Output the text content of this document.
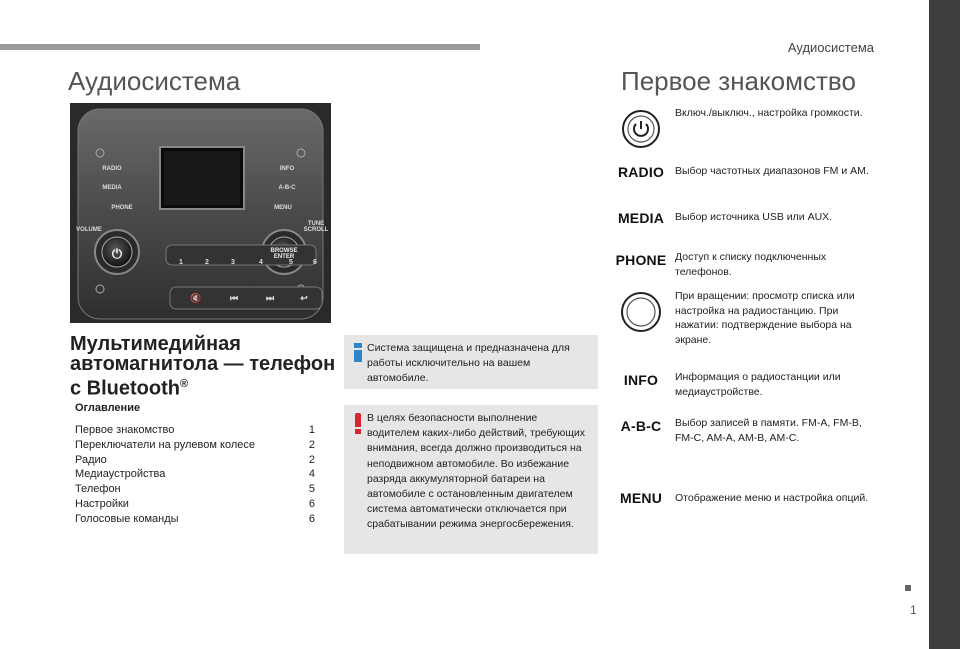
Аудиосистема
1
Аудиосистема	Первое знакомство
RADIO
MEDIA
PHONE
INFO
A-B-C
MENU
VOLUME
TUNE SCROLL
BROWSE ENTER
⏻
1	2	3	4	5	6
🔇	⏮	⏭	↩
Мультимедийная автомагнитола — телефон с Bluetooth®
Оглавление
Первое знакомство	1
Переключатели на рулевом колесе	2
Радио	2
Медиаустройства	4
Телефон	5
Настройки	6
Голосовые команды	6
Система защищена и предназначена для работы исключительно на вашем автомобиле.
В целях безопасности выполнение водителем каких-либо действий, требующих внимания, всегда должно производиться на неподвижном автомобиле. Во избежание разряда аккумуляторной батареи на автомобиле с остановленным двигателем система автоматически отключается при срабатывании режима энергосбережения.
Включ./выключ., настройка громкости.
RADIO Выбор частотных диапазонов FM и AM.
MEDIA Выбор источника USB или AUX.
PHONE Доступ к списку подключенных телефонов.
При вращении: просмотр списка или настройка на радиостанцию. При нажатии: подтверждение выбора на экране.
INFO Информация о радиостанции или медиаустройстве.
A-B-C Выбор записей в памяти. FM-A, FM-B, FM-C, AM-A, AM-B, AM-C.
MENU Отображение меню и настройка опций.
